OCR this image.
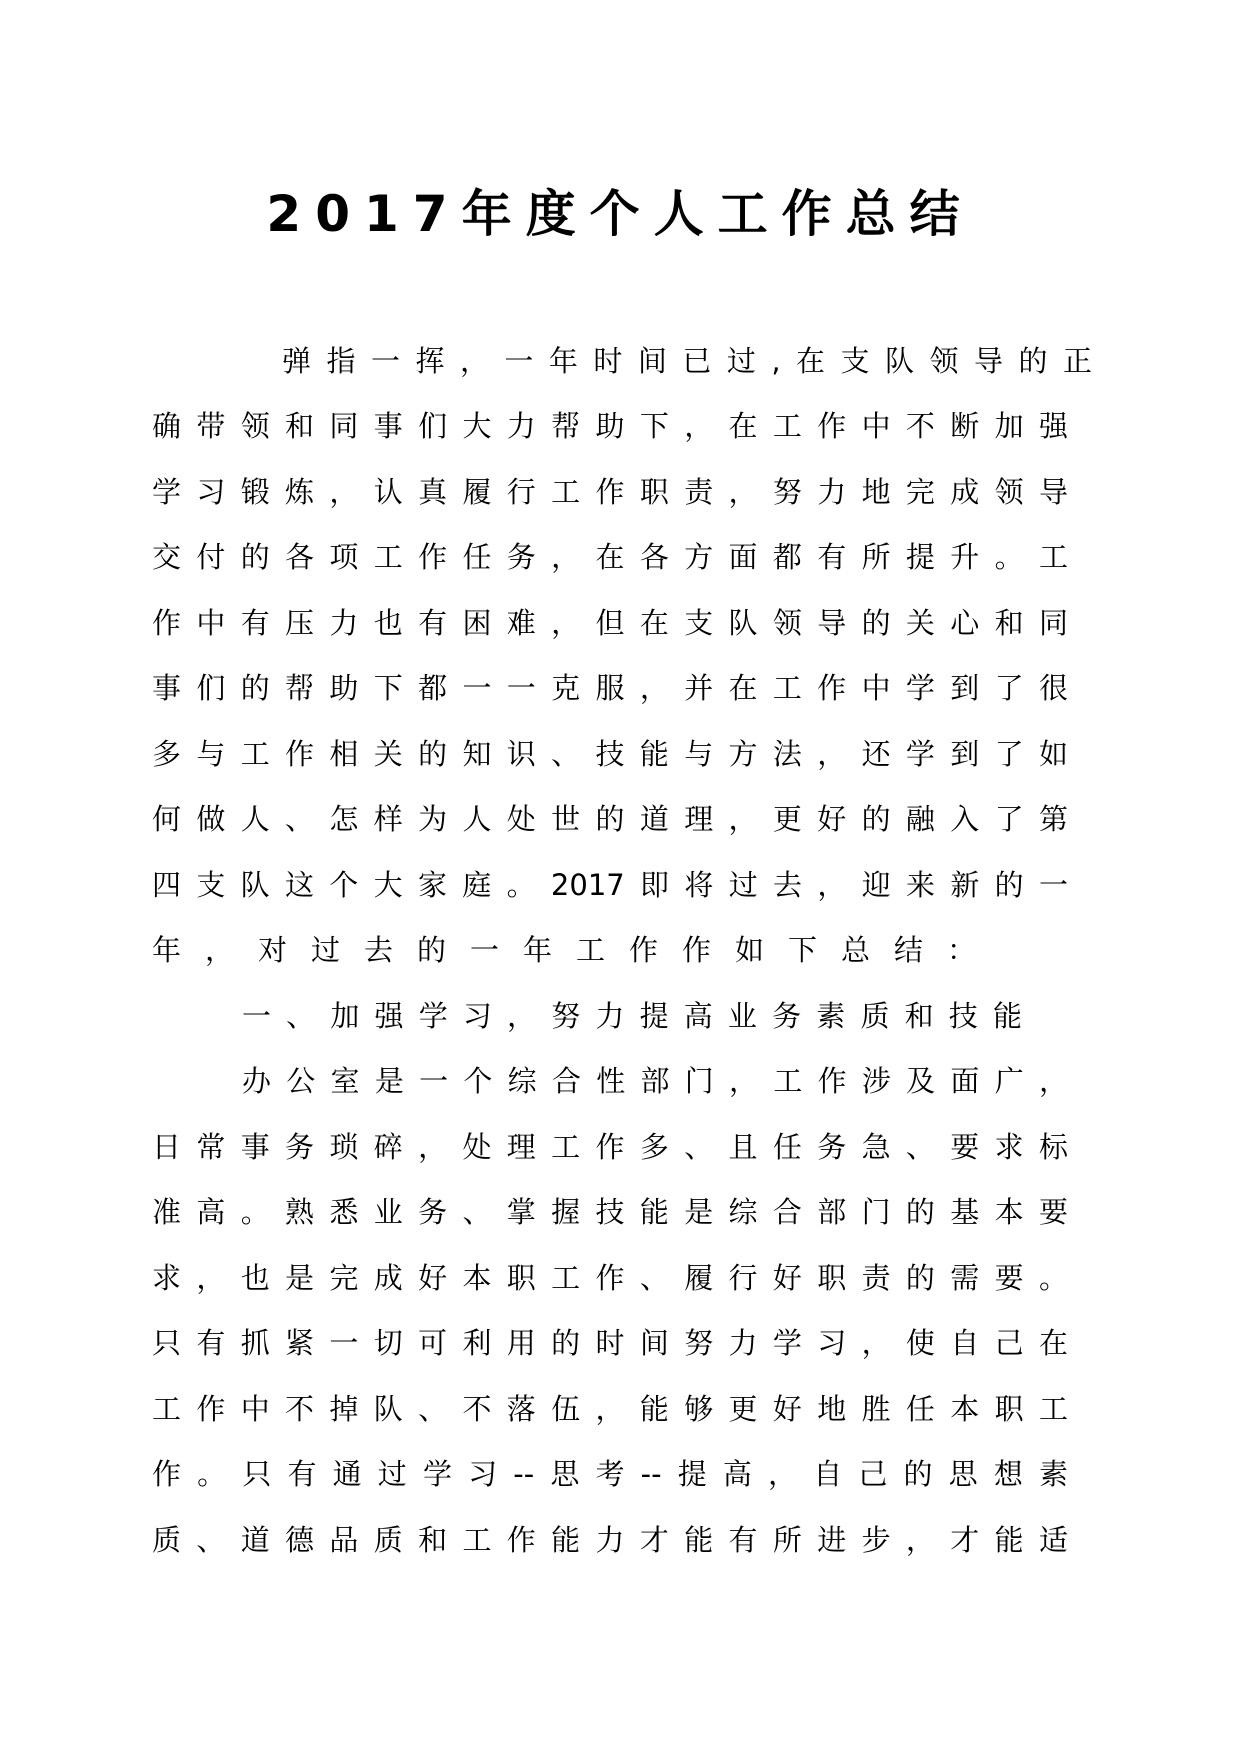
2017年度个人工作总结
弹指一挥，一年时间已过,在支队领导的正
确带领和同事们大力帮助下，在工作中不断加强
学习锻炼，认真履行工作职责，努力地完成领导
交付的各项工作任务，在各方面都有所提升。工
作中有压力也有困难，但在支队领导的关心和同
事们的帮助下都一一克服，并在工作中学到了很
多与工作相关的知识、技能与方法，还学到了如
何做人、怎样为人处世的道理，更好的融入了第
四支队这个大家庭。2017即将过去，迎来新的一
年，对过去的一年工作作如下总结：
一、加强学习，努力提高业务素质和技能
办公室是一个综合性部门，工作涉及面广，
日常事务琐碎，处理工作多、且任务急、要求标
准高。熟悉业务、掌握技能是综合部门的基本要
求，也是完成好本职工作、履行好职责的需要。
只有抓紧一切可利用的时间努力学习，使自己在
工作中不掉队、不落伍，能够更好地胜任本职工
作。只有通过学习--思考--提高，自己的思想素
质、道德品质和工作能力才能有所进步，才能适
